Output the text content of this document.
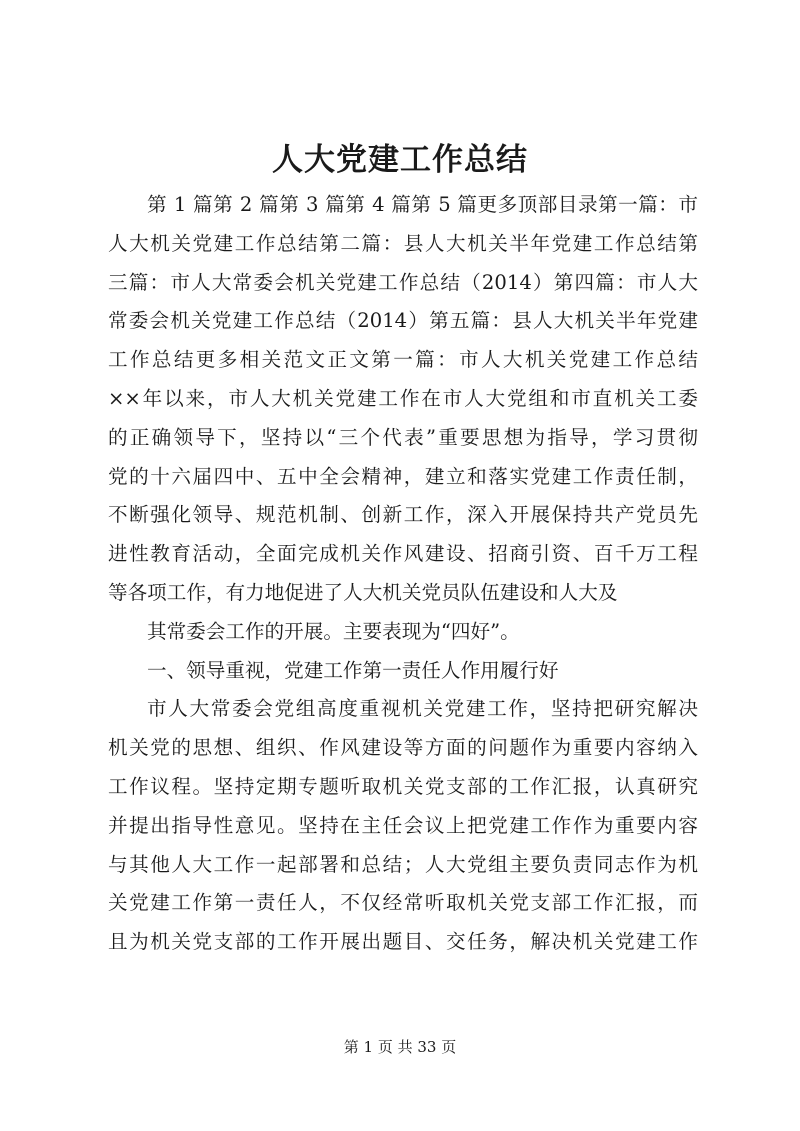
人大党建工作总结
第 1 篇第 2 篇第 3 篇第 4 篇第 5 篇更多顶部目录第一篇：市
人大机关党建工作总结第二篇：县人大机关半年党建工作总结第
三篇：市人大常委会机关党建工作总结（2014）第四篇：市人大
常委会机关党建工作总结（2014）第五篇：县人大机关半年党建
工作总结更多相关范文正文第一篇：市人大机关党建工作总结
××年以来，市人大机关党建工作在市人大党组和市直机关工委
的正确领导下，坚持以“三个代表”重要思想为指导，学习贯彻
党的十六届四中、五中全会精神，建立和落实党建工作责任制，
不断强化领导、规范机制、创新工作，深入开展保持共产党员先
进性教育活动，全面完成机关作风建设、招商引资、百千万工程
等各项工作，有力地促进了人大机关党员队伍建设和人大及
其常委会工作的开展。主要表现为“四好”。
一、领导重视，党建工作第一责任人作用履行好
市人大常委会党组高度重视机关党建工作，坚持把研究解决
机关党的思想、组织、作风建设等方面的问题作为重要内容纳入
工作议程。坚持定期专题听取机关党支部的工作汇报，认真研究
并提出指导性意见。坚持在主任会议上把党建工作作为重要内容
与其他人大工作一起部署和总结；人大党组主要负责同志作为机
关党建工作第一责任人，不仅经常听取机关党支部工作汇报，而
且为机关党支部的工作开展出题目、交任务，解决机关党建工作
第 1 页 共 33 页
